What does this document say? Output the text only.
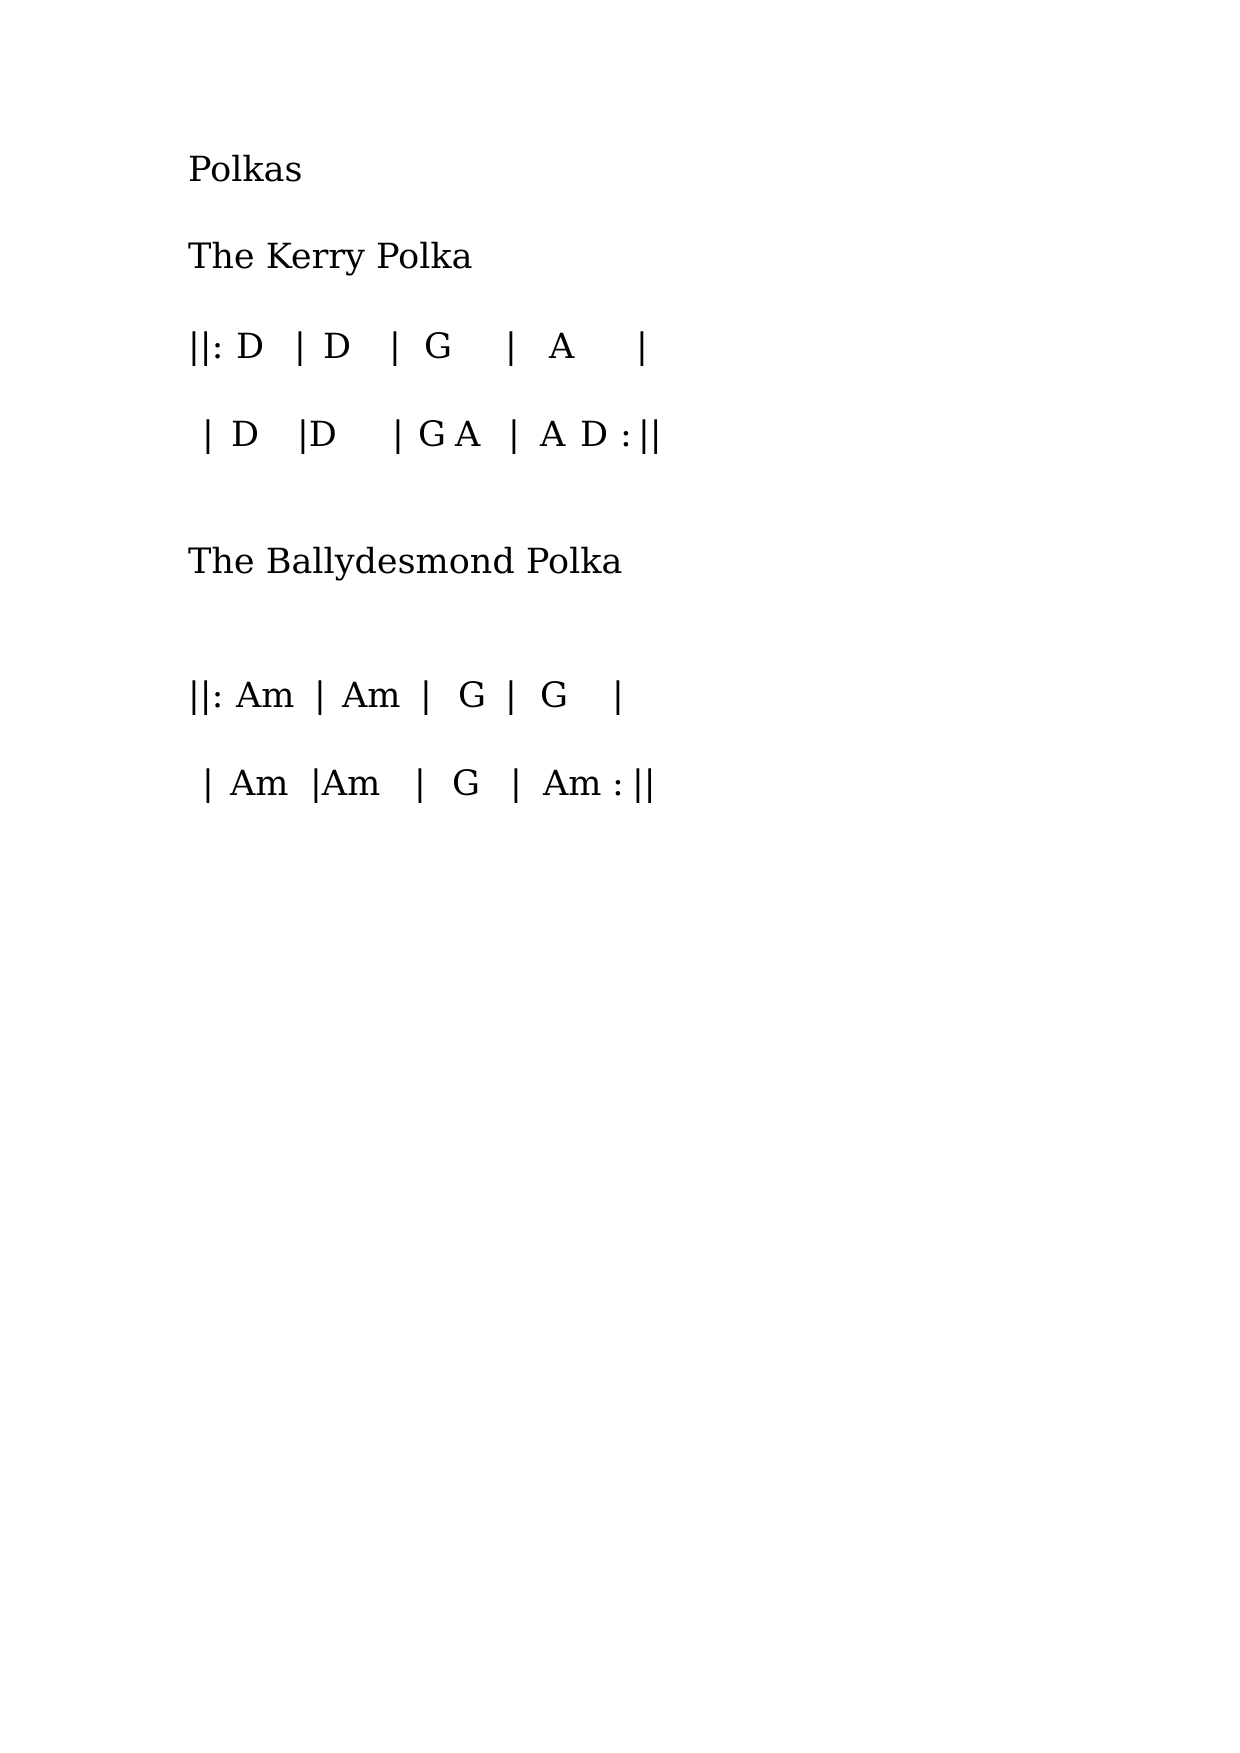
Polkas
The Kerry Polka
||: D | D | G | A |
| D |D | G A | A D : ||
The Ballydesmond Polka
||: Am | Am | G | G |
| Am |Am | G | Am : ||
